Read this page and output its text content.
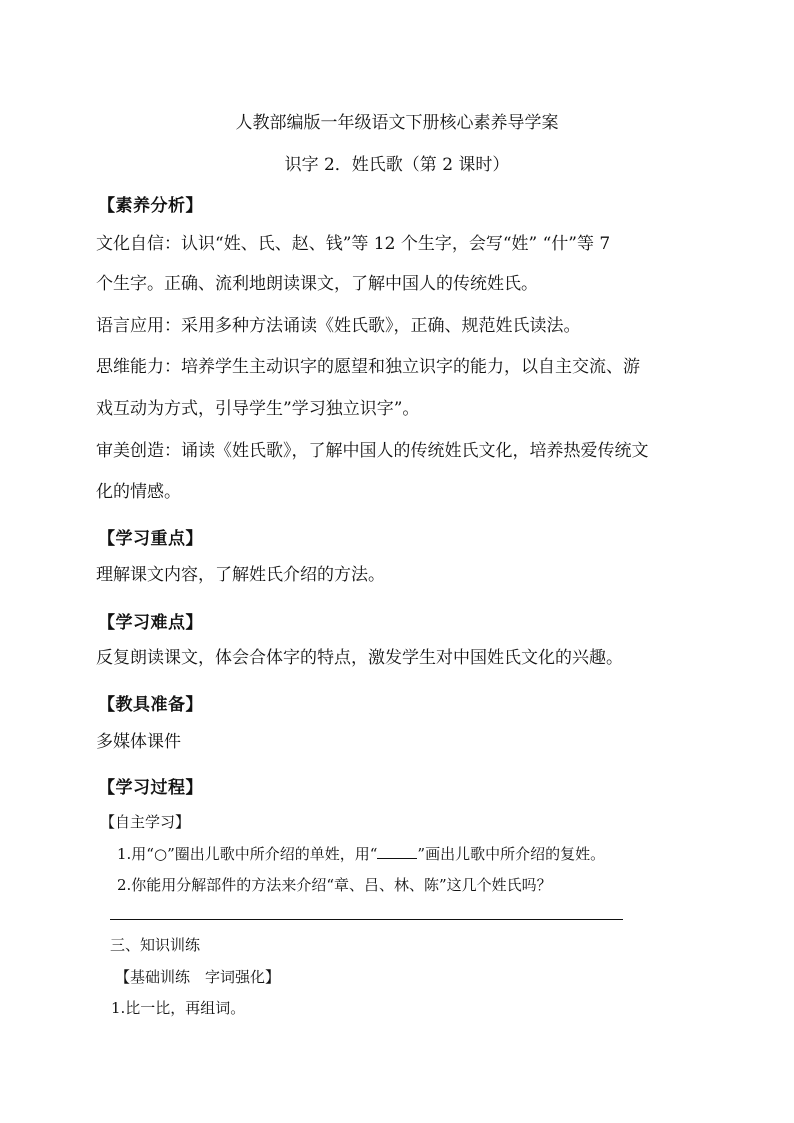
人教部编版一年级语文下册核心素养导学案
识字 2．姓氏歌（第 2 课时）
【素养分析】
文化自信：认识“姓、氏、赵、钱”等 12 个生字，会写“姓” “什”等 7
个生字。正确、流利地朗读课文，了解中国人的传统姓氏。
语言应用：采用多种方法诵读《姓氏歌》，正确、规范姓氏读法。
思维能力：培养学生主动识字的愿望和独立识字的能力，以自主交流、游
戏互动为方式，引导学生”学习独立识字”。
审美创造：诵读《姓氏歌》，了解中国人的传统姓氏文化，培养热爱传统文
化的情感。
【学习重点】
理解课文内容，了解姓氏介绍的方法。
【学习难点】
反复朗读课文，体会合体字的特点，激发学生对中国姓氏文化的兴趣。
【教具准备】
多媒体课件
【学习过程】
【自主学习】
1.用“○”圈出儿歌中所介绍的单姓，用“	”画出儿歌中所介绍的复姓。
2.你能用分解部件的方法来介绍“章、吕、林、陈”这几个姓氏吗？
三、知识训练
【基础训练　字词强化】
1.比一比，再组词。
